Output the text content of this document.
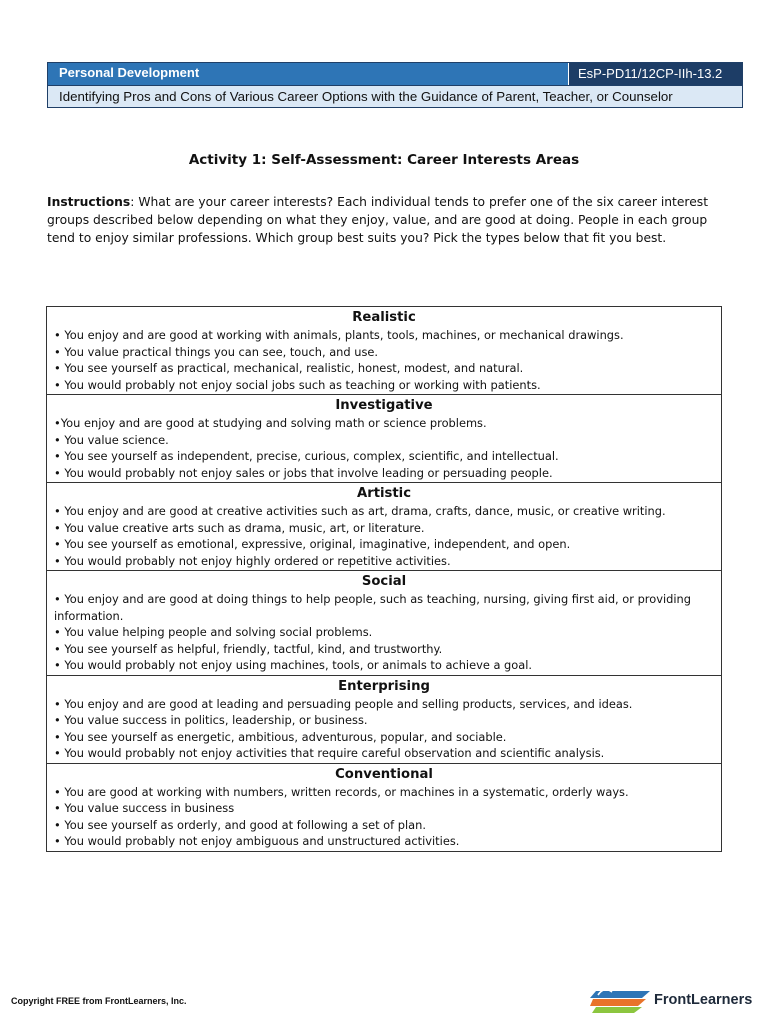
Personal Development	EsP-PD11/12CP-IIh-13.2
Identifying Pros and Cons of Various Career Options with the Guidance of Parent, Teacher, or Counselor
Activity 1: Self-Assessment: Career Interests Areas
Instructions: What are your career interests? Each individual tends to prefer one of the six career interest groups described below depending on what they enjoy, value, and are good at doing. People in each group tend to enjoy similar professions. Which group best suits you? Pick the types below that fit you best.
Realistic
• You enjoy and are good at working with animals, plants, tools, machines, or mechanical drawings.
• You value practical things you can see, touch, and use.
• You see yourself as practical, mechanical, realistic, honest, modest, and natural.
• You would probably not enjoy social jobs such as teaching or working with patients.
Investigative
•You enjoy and are good at studying and solving math or science problems.
• You value science.
• You see yourself as independent, precise, curious, complex, scientific, and intellectual.
• You would probably not enjoy sales or jobs that involve leading or persuading people.
Artistic
• You enjoy and are good at creative activities such as art, drama, crafts, dance, music, or creative writing.
• You value creative arts such as drama, music, art, or literature.
• You see yourself as emotional, expressive, original, imaginative, independent, and open.
• You would probably not enjoy highly ordered or repetitive activities.
Social
• You enjoy and are good at doing things to help people, such as teaching, nursing, giving first aid, or providing information.
• You value helping people and solving social problems.
• You see yourself as helpful, friendly, tactful, kind, and trustworthy.
• You would probably not enjoy using machines, tools, or animals to achieve a goal.
Enterprising
• You enjoy and are good at leading and persuading people and selling products, services, and ideas.
• You value success in politics, leadership, or business.
• You see yourself as energetic, ambitious, adventurous, popular, and sociable.
• You would probably not enjoy activities that require careful observation and scientific analysis.
Conventional
• You are good at working with numbers, written records, or machines in a systematic, orderly ways.
• You value success in business
• You see yourself as orderly, and good at following a set of plan.
• You would probably not enjoy ambiguous and unstructured activities.
Copyright FREE from FrontLearners, Inc.	FrontLearners
